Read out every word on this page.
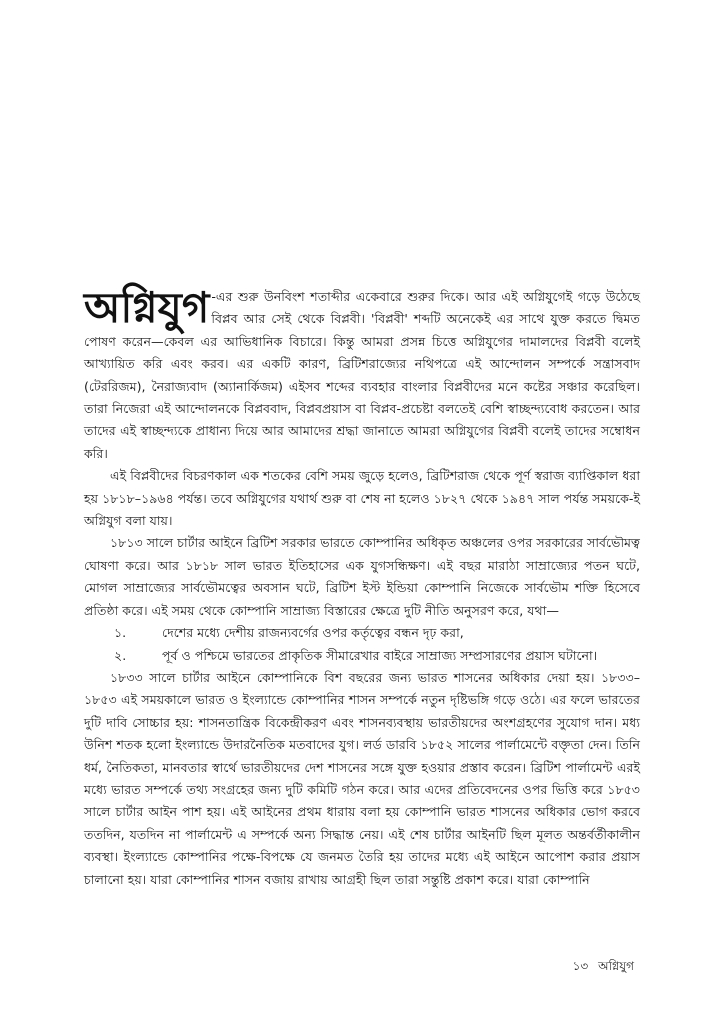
অগ্নিযুগ -এর শুরু উনবিংশ শতাব্দীর একেবারে শুরুর দিকে। আর এই অগ্নিযুগেই গড়ে উঠেছে বিপ্লব আর সেই থেকে বিপ্লবী। 'বিপ্লবী' শব্দটি অনেকেই এর সাথে যুক্ত করতে দ্বিমত পোষণ করেন—কেবল এর আভিধানিক বিচারে। কিন্তু আমরা প্রসন্ন চিত্তে অগ্নিযুগের দামালদের বিপ্লবী বলেই আখ্যায়িত করি এবং করব। এর একটি কারণ, ব্রিটিশরাজ্যের নথিপত্রে এই আন্দোলন সম্পর্কে সন্ত্রাসবাদ (টেররিজম), নৈরাজ্যবাদ (অ্যানার্কিজম) এইসব শব্দের ব্যবহার বাংলার বিপ্লবীদের মনে কষ্টের সঞ্চার করেছিল। তারা নিজেরা এই আন্দোলনকে বিপ্লববাদ, বিপ্লবপ্রয়াস বা বিপ্লব-প্রচেষ্টা বলতেই বেশি স্বাচ্ছন্দ্যবোধ করতেন। আর তাদের এই স্বাচ্ছন্দ্যকে প্রাধান্য দিয়ে আর আমাদের শ্রদ্ধা জানাতে আমরা অগ্নিযুগের বিপ্লবী বলেই তাদের সম্বোধন করি।

এই বিপ্লবীদের বিচরণকাল এক শতকের বেশি সময় জুড়ে হলেও, ব্রিটিশরাজ থেকে পূর্ণ স্বরাজ ব্যাপ্তিকাল ধরা হয় ১৮১৮–১৯৬৪ পর্যন্ত। তবে অগ্নিযুগের যথার্থ শুরু বা শেষ না হলেও ১৮২৭ থেকে ১৯৪৭ সাল পর্যন্ত সময়কে-ই অগ্নিযুগ বলা যায়।

১৮১৩ সালে চার্টার আইনে ব্রিটিশ সরকার ভারতে কোম্পানির অধিকৃত অঞ্চলের ওপর সরকারের সার্বভৌমত্ব ঘোষণা করে। আর ১৮১৮ সাল ভারত ইতিহাসের এক যুগসন্ধিক্ষণ। এই বছর মারাঠা সাম্রাজ্যের পতন ঘটে, মোগল সাম্রাজ্যের সার্বভৌমত্বের অবসান ঘটে, ব্রিটিশ ইস্ট ইন্ডিয়া কোম্পানি নিজেকে সার্বভৌম শক্তি হিসেবে প্রতিষ্ঠা করে। এই সময় থেকে কোম্পানি সাম্রাজ্য বিস্তারের ক্ষেত্রে দুটি নীতি অনুসরণ করে, যথা—

১.	দেশের মধ্যে দেশীয় রাজন্যবর্গের ওপর কর্তৃত্বের বন্ধন দৃঢ় করা,
২.	পূর্ব ও পশ্চিমে ভারতের প্রাকৃতিক সীমারেখার বাইরে সাম্রাজ্য সম্প্রসারণের প্রয়াস ঘটানো।

১৮৩৩ সালে চার্টার আইনে কোম্পানিকে বিশ বছরের জন্য ভারত শাসনের অধিকার দেয়া হয়। ১৮৩৩–১৮৫৩ এই সময়কালে ভারত ও ইংল্যান্ডে কোম্পানির শাসন সম্পর্কে নতুন দৃষ্টিভঙ্গি গড়ে ওঠে। এর ফলে ভারতের দুটি দাবি সোচ্চার হয়: শাসনতান্ত্রিক বিকেন্দ্রীকরণ এবং শাসনব্যবস্থায় ভারতীয়দের অংশগ্রহণের সুযোগ দান। মধ্য উনিশ শতক হলো ইংল্যান্ডে উদারনৈতিক মতবাদের যুগ। লর্ড ডারবি ১৮৫২ সালের পার্লামেন্টে বক্তৃতা দেন। তিনি ধর্ম, নৈতিকতা, মানবতার স্বার্থে ভারতীয়দের দেশ শাসনের সঙ্গে যুক্ত হওয়ার প্রস্তাব করেন। ব্রিটিশ পার্লামেন্ট এরই মধ্যে ভারত সম্পর্কে তথ্য সংগ্রহের জন্য দুটি কমিটি গঠন করে। আর এদের প্রতিবেদনের ওপর ভিত্তি করে ১৮৫৩ সালে চার্টার আইন পাশ হয়। এই আইনের প্রথম ধারায় বলা হয় কোম্পানি ভারত শাসনের অধিকার ভোগ করবে ততদিন, যতদিন না পার্লামেন্ট এ সম্পর্কে অন্য সিদ্ধান্ত নেয়। এই শেষ চার্টার আইনটি ছিল মূলত অন্তর্বর্তীকালীন ব্যবস্থা। ইংল্যান্ডে কোম্পানির পক্ষে-বিপক্ষে যে জনমত তৈরি হয় তাদের মধ্যে এই আইনে আপোশ করার প্রয়াস চালানো হয়। যারা কোম্পানির শাসন বজায় রাখায় আগ্রহী ছিল তারা সন্তুষ্টি প্রকাশ করে। যারা কোম্পানি

১৩ অগ্নিযুগ
